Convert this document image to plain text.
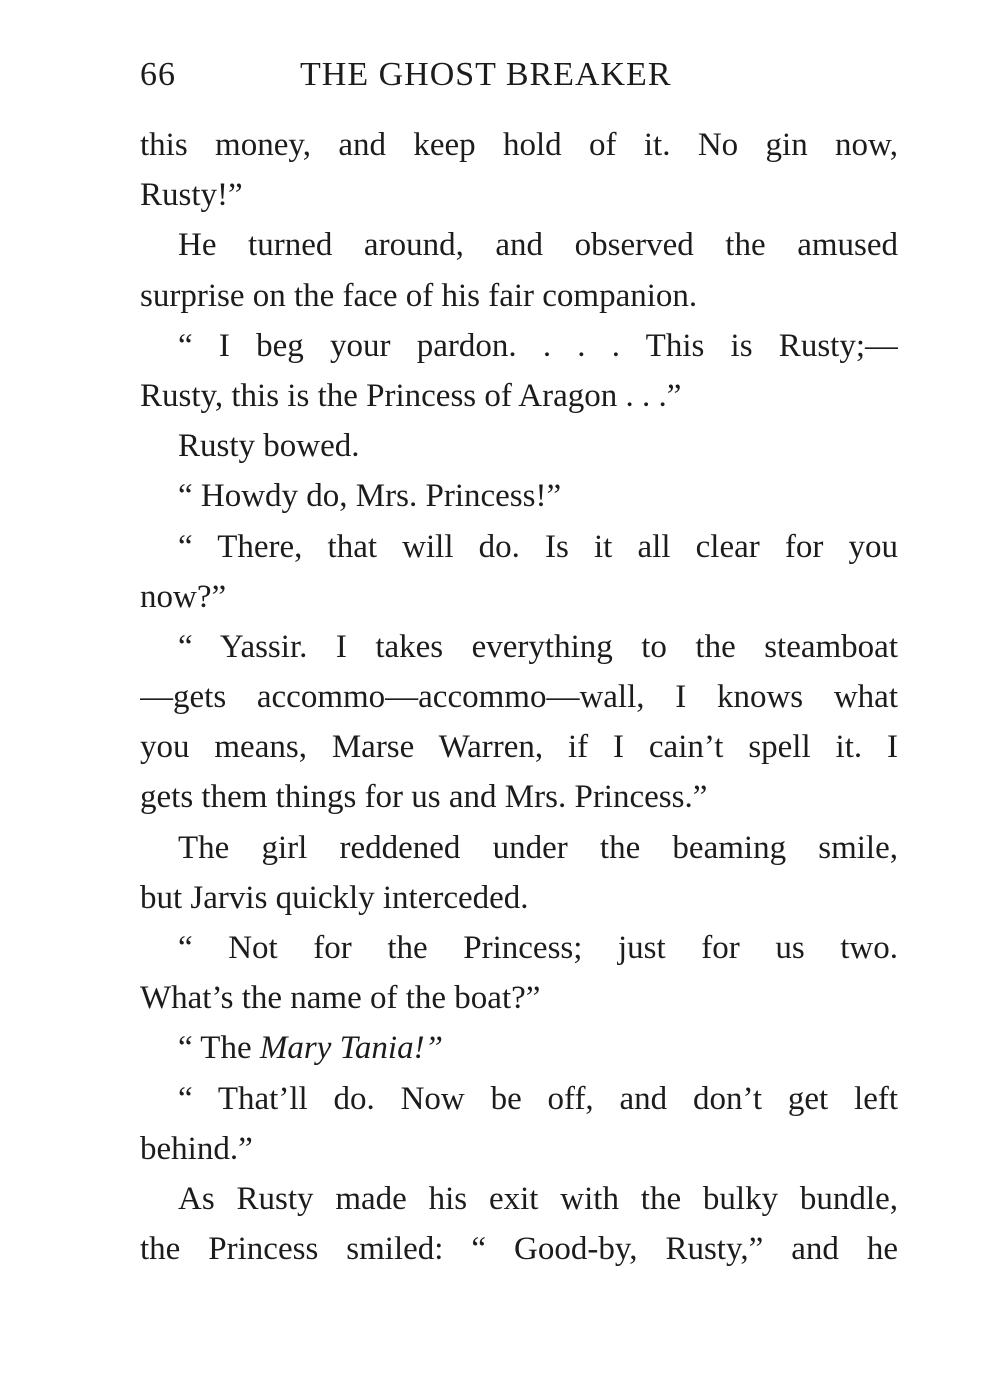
66	THE GHOST BREAKER
this money, and keep hold of it. No gin now,
Rusty!”
He turned around, and observed the amused
surprise on the face of his fair companion.
“ I beg your pardon. . . . This is Rusty;—
Rusty, this is the Princess of Aragon . . .”
Rusty bowed.
“ Howdy do, Mrs. Princess!”
“ There, that will do. Is it all clear for you
now?”
“ Yassir. I takes everything to the steamboat
—gets accommo—accommo—wall, I knows what
you means, Marse Warren, if I cain’t spell it. I
gets them things for us and Mrs. Princess.”
The girl reddened under the beaming smile,
but Jarvis quickly interceded.
“ Not for the Princess; just for us two.
What’s the name of the boat?”
“ The Mary Tania!”
“ That’ll do. Now be off, and don’t get left
behind.”
As Rusty made his exit with the bulky bundle,
the Princess smiled: “ Good-by, Rusty,” and he
